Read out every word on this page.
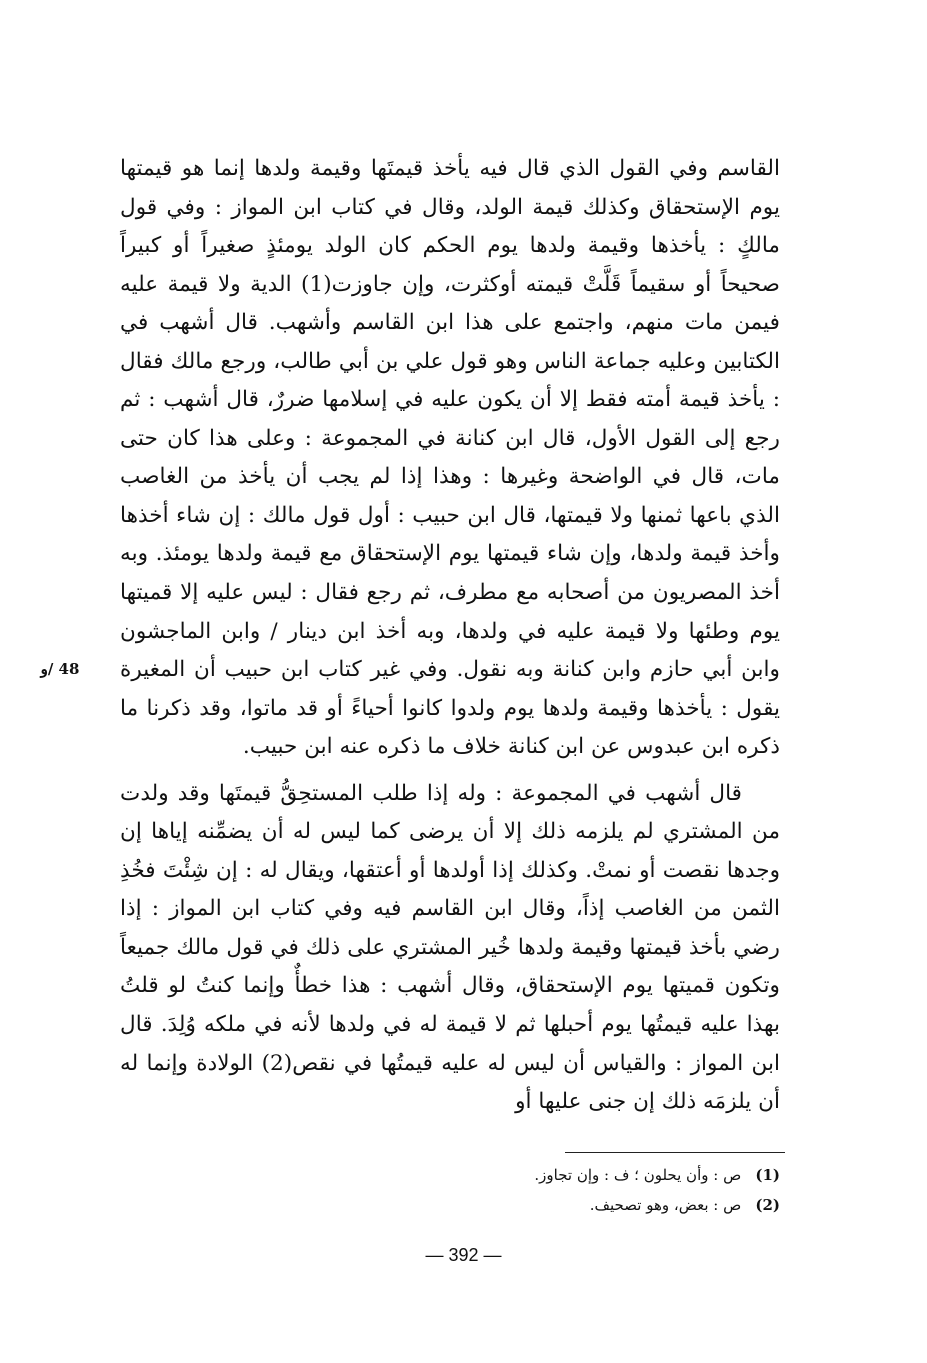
القاسم وفي القول الذي قال فيه يأخذ قيمتَها وقيمة ولدها إنما هو قيمتها يوم الإستحقاق وكذلك قيمة الولد، وقال في كتاب ابن المواز : وفي قول مالكٍ : يأخذها وقيمة ولدها يوم الحكم كان الولد يومئذٍ صغيراً أو كبيراً صحيحاً أو سقيماً قَلَّتْ قيمته أوكثرت، وإن جاوزت(1) الدية ولا قيمة عليه فيمن مات منهم، واجتمع على هذا ابن القاسم وأشهب. قال أشهب في الكتابين وعليه جماعة الناس وهو قول علي بن أبي طالب، ورجع مالك فقال : يأخذ قيمة أمته فقط إلا أن يكون عليه في إسلامها ضررٌ، قال أشهب : ثم رجع إلى القول الأول، قال ابن كنانة في المجموعة : وعلى هذا كان حتى مات، قال في الواضحة وغيرها : وهذا إذا لم يجب أن يأخذ من الغاصب الذي باعها ثمنها ولا قيمتها، قال ابن حبيب : أول قول مالك : إن شاء أخذها وأخذ قيمة ولدها، وإن شاء قيمتها يوم الإستحقاق مع قيمة ولدها يومئذ. وبه أخذ المصريون من أصحابه مع مطرف، ثم رجع فقال : ليس عليه إلا قميتها يوم وطئها ولا قيمة عليه في ولدها، وبه أخذ ابن دينار / وابن الماجشون وابن أبي حازم وابن كنانة وبه نقول. وفي غير كتاب ابن حبيب أن المغيرة يقول : يأخذها وقيمة ولدها يوم ولدوا كانوا أحياءً أو قد ماتوا، وقد ذكرنا ما ذكره ابن عبدوس عن ابن كنانة خلاف ما ذكره عنه ابن حبيب.

قال أشهب في المجموعة : وله إذا طلب المستحِقُّ قيمتَها وقد ولدت من المشتري لم يلزمه ذلك إلا أن يرضى كما ليس له أن يضمِّنه إياها إن وجدها نقصت أو نمتْ. وكذلك إذا أولدها أو أعتقها، ويقال له : إن شِئْتَ فخُذِ الثمن من الغاصب إذاً، وقال ابن القاسم فيه وفي كتاب ابن المواز : إذا رضي بأخذ قيمتها وقيمة ولدها خُير المشتري على ذلك في قول مالك جميعاً وتكون قميتها يوم الإستحقاق، وقال أشهب : هذا خطأٌ وإنما كنتُ لو قلتُ بهذا عليه قيمتُها يوم أحبلها ثم لا قيمة له في ولدها لأنه في ملكه وُلِدَ. قال ابن المواز : والقياس أن ليس له عليه قيمتُها في نقص(2) الولادة وإنما له أن يلزمَه ذلك إن جنى عليها أو

48 /و
(1) ص : وأن يحلون ؛ ف : وإن تجاوز.
(2) ص : بعض، وهو تصحيف.
— 392 —
